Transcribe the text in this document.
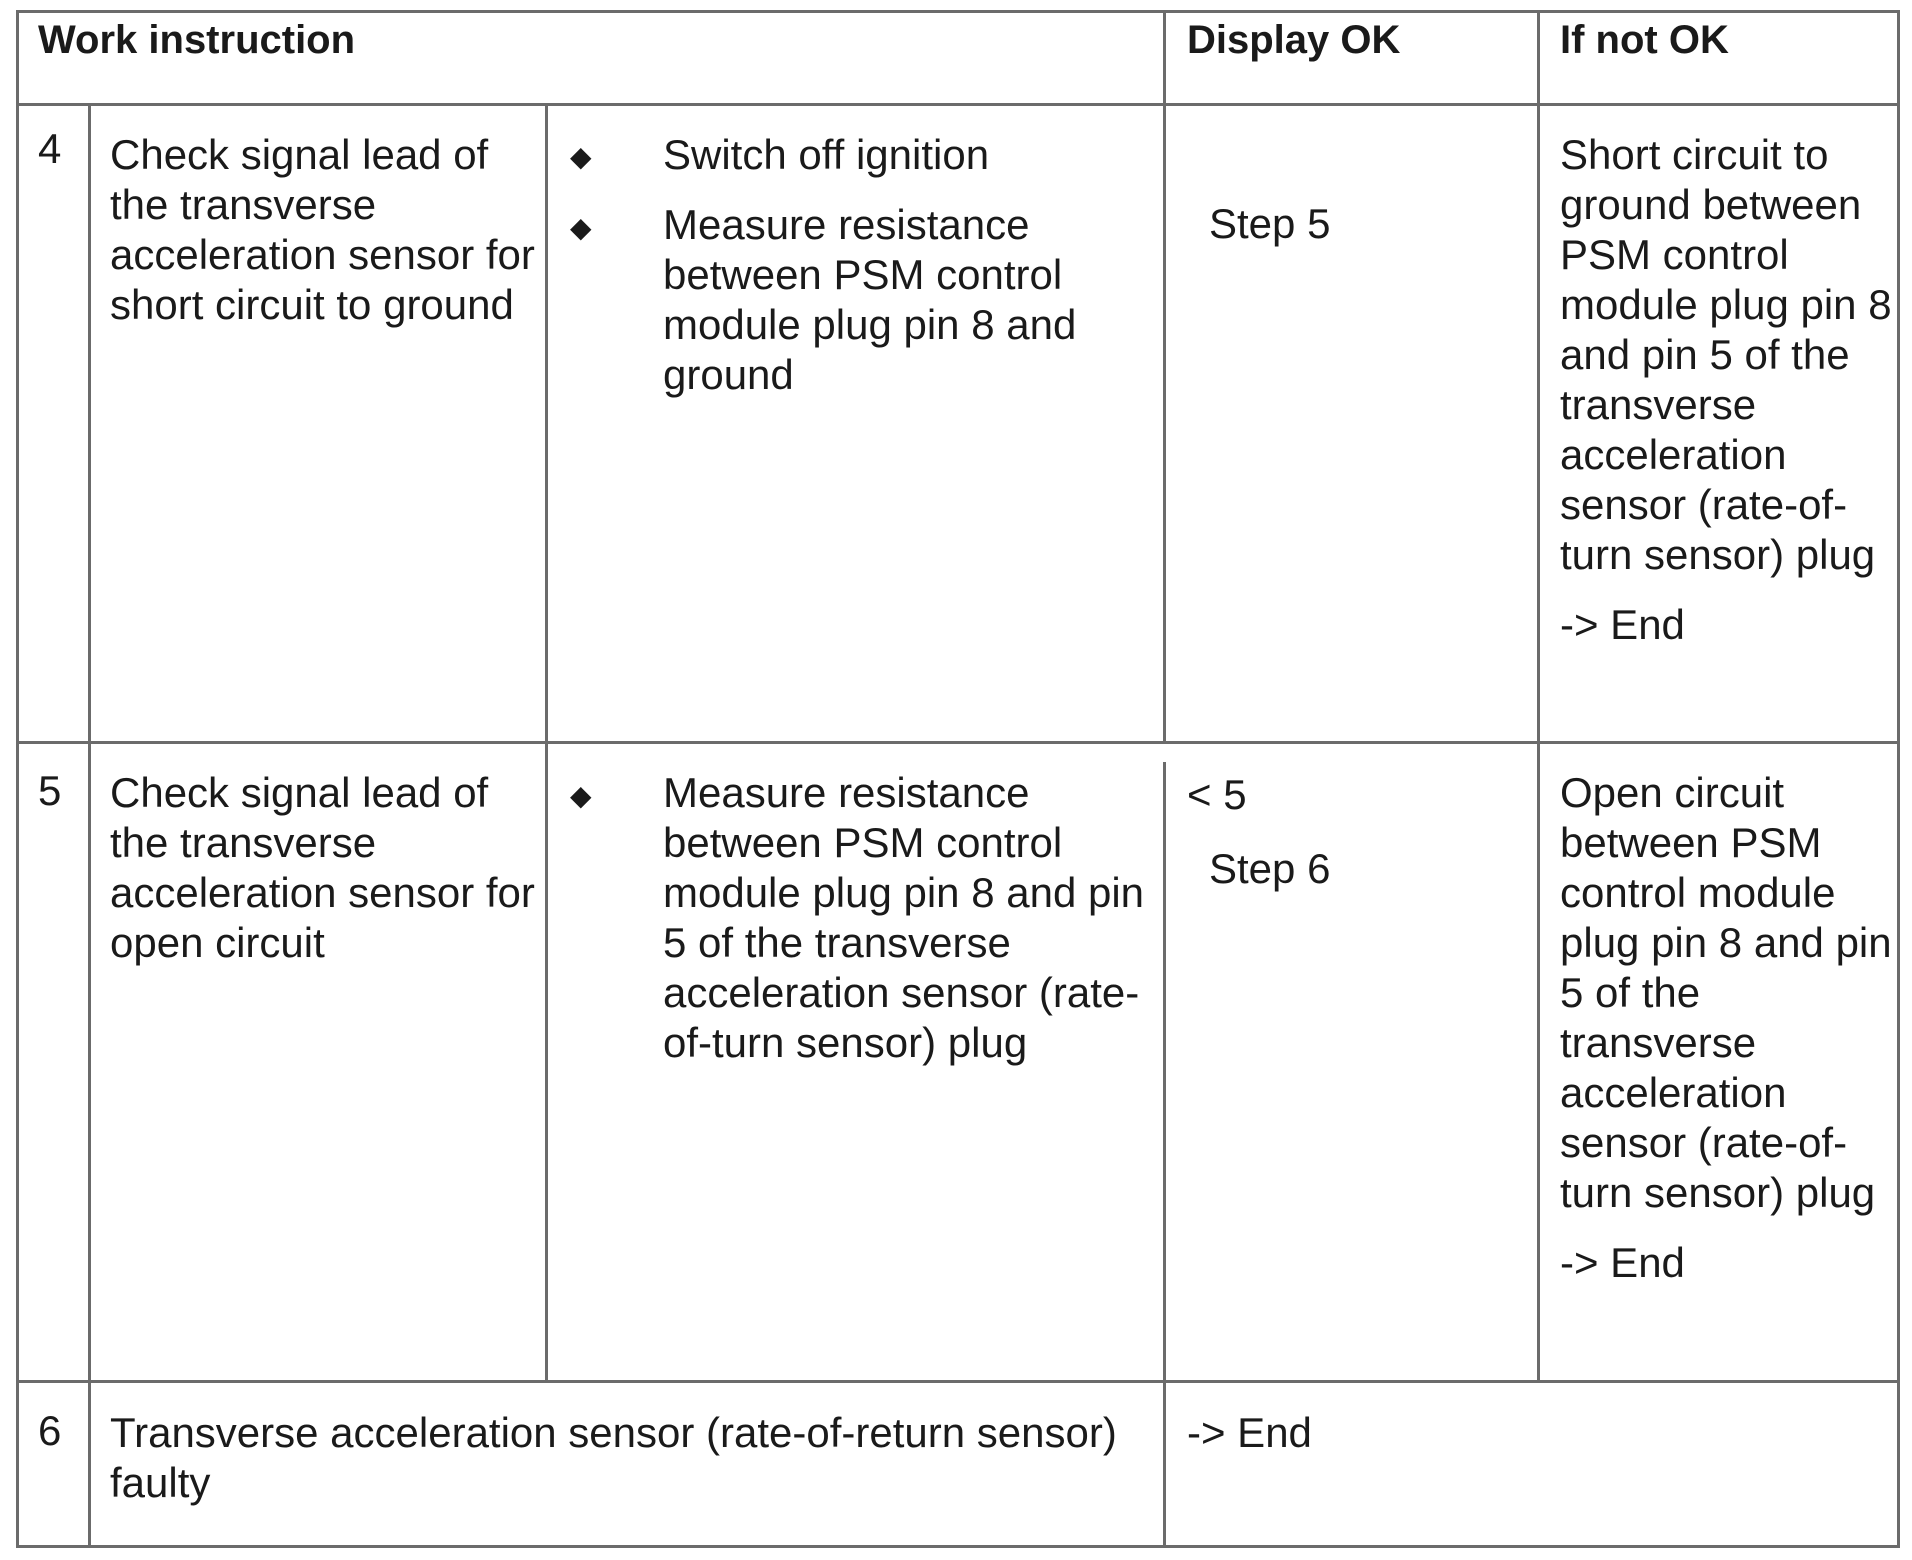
Work instruction	Display OK	If not OK
4 Check signal lead of the transverse acceleration sensor for short circuit to ground
◆ Switch off ignition
◆ Measure resistance between PSM control module plug pin 8 and ground
Step 5
Short circuit to ground between PSM control module plug pin 8 and pin 5 of the transverse acceleration sensor (rate-of-turn sensor) plug
-> End
5 Check signal lead of the transverse acceleration sensor for open circuit
◆ Measure resistance between PSM control module plug pin 8 and pin 5 of the transverse acceleration sensor (rate-of-turn sensor) plug
< 5
Step 6
Open circuit between PSM control module plug pin 8 and pin 5 of the transverse acceleration sensor (rate-of-turn sensor) plug
-> End
6 Transverse acceleration sensor (rate-of-return sensor) faulty
-> End
